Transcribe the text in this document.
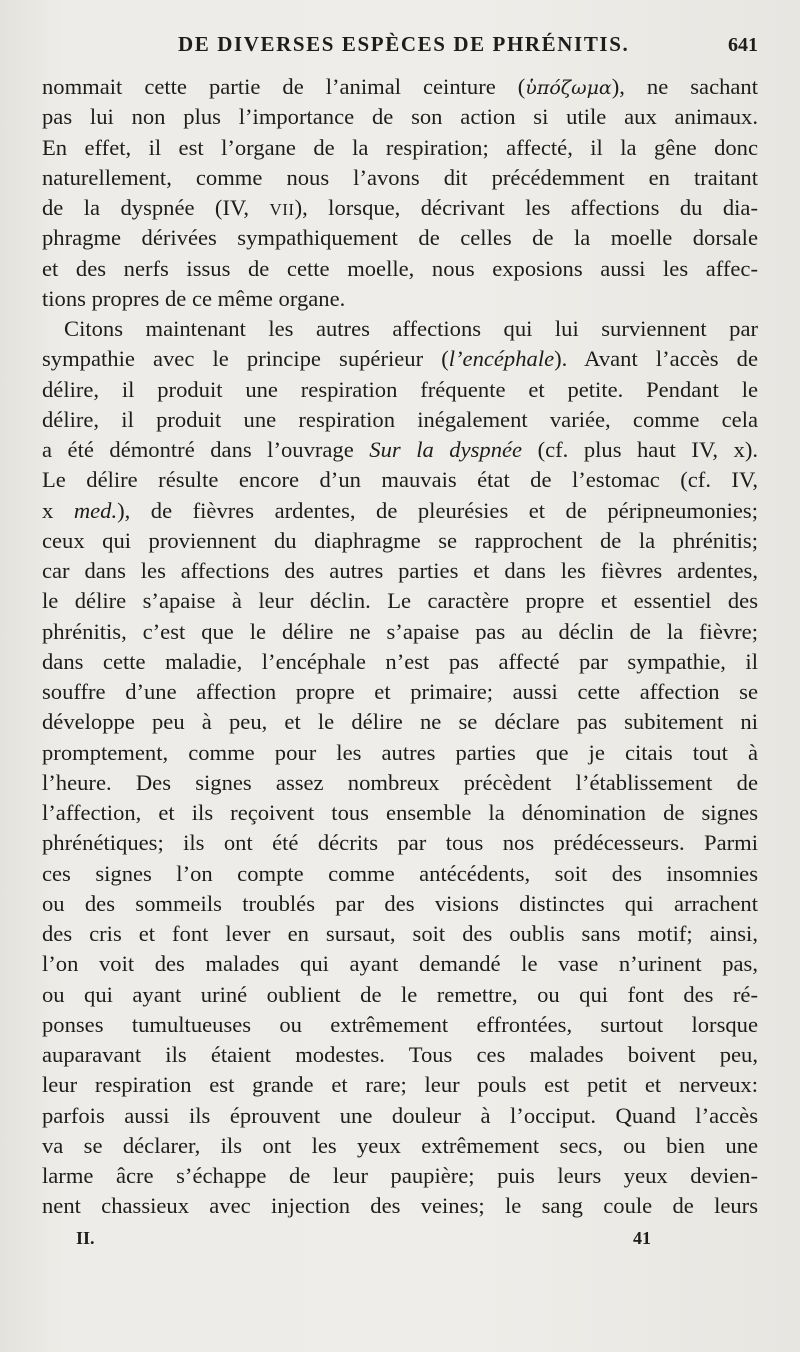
DE DIVERSES ESPÈCES DE PHRÉNITIS.	641
nommait cette partie de l’animal ceinture (ὑπόζωμα), ne sachant
pas lui non plus l’importance de son action si utile aux animaux.
En effet, il est l’organe de la respiration; affecté, il la gêne donc
naturellement, comme nous l’avons dit précédemment en traitant
de la dyspnée (IV, VII), lorsque, décrivant les affections du dia-
phragme dérivées sympathiquement de celles de la moelle dorsale
et des nerfs issus de cette moelle, nous exposions aussi les affec-
tions propres de ce même organe.
Citons maintenant les autres affections qui lui surviennent par
sympathie avec le principe supérieur (l’encéphale). Avant l’accès de
délire, il produit une respiration fréquente et petite. Pendant le
délire, il produit une respiration inégalement variée, comme cela
a été démontré dans l’ouvrage Sur la dyspnée (cf. plus haut IV, x).
Le délire résulte encore d’un mauvais état de l’estomac (cf. IV,
x med.), de fièvres ardentes, de pleurésies et de péripneumonies;
ceux qui proviennent du diaphragme se rapprochent de la phrénitis;
car dans les affections des autres parties et dans les fièvres ardentes,
le délire s’apaise à leur déclin. Le caractère propre et essentiel des
phrénitis, c’est que le délire ne s’apaise pas au déclin de la fièvre;
dans cette maladie, l’encéphale n’est pas affecté par sympathie, il
souffre d’une affection propre et primaire; aussi cette affection se
développe peu à peu, et le délire ne se déclare pas subitement ni
promptement, comme pour les autres parties que je citais tout à
l’heure. Des signes assez nombreux précèdent l’établissement de
l’affection, et ils reçoivent tous ensemble la dénomination de signes
phrénétiques; ils ont été décrits par tous nos prédécesseurs. Parmi
ces signes l’on compte comme antécédents, soit des insomnies
ou des sommeils troublés par des visions distinctes qui arrachent
des cris et font lever en sursaut, soit des oublis sans motif; ainsi,
l’on voit des malades qui ayant demandé le vase n’urinent pas,
ou qui ayant uriné oublient de le remettre, ou qui font des ré-
ponses tumultueuses ou extrêmement effrontées, surtout lorsque
auparavant ils étaient modestes. Tous ces malades boivent peu,
leur respiration est grande et rare; leur pouls est petit et nerveux:
parfois aussi ils éprouvent une douleur à l’occiput. Quand l’accès
va se déclarer, ils ont les yeux extrêmement secs, ou bien une
larme âcre s’échappe de leur paupière; puis leurs yeux devien-
nent chassieux avec injection des veines; le sang coule de leurs
II.	41
